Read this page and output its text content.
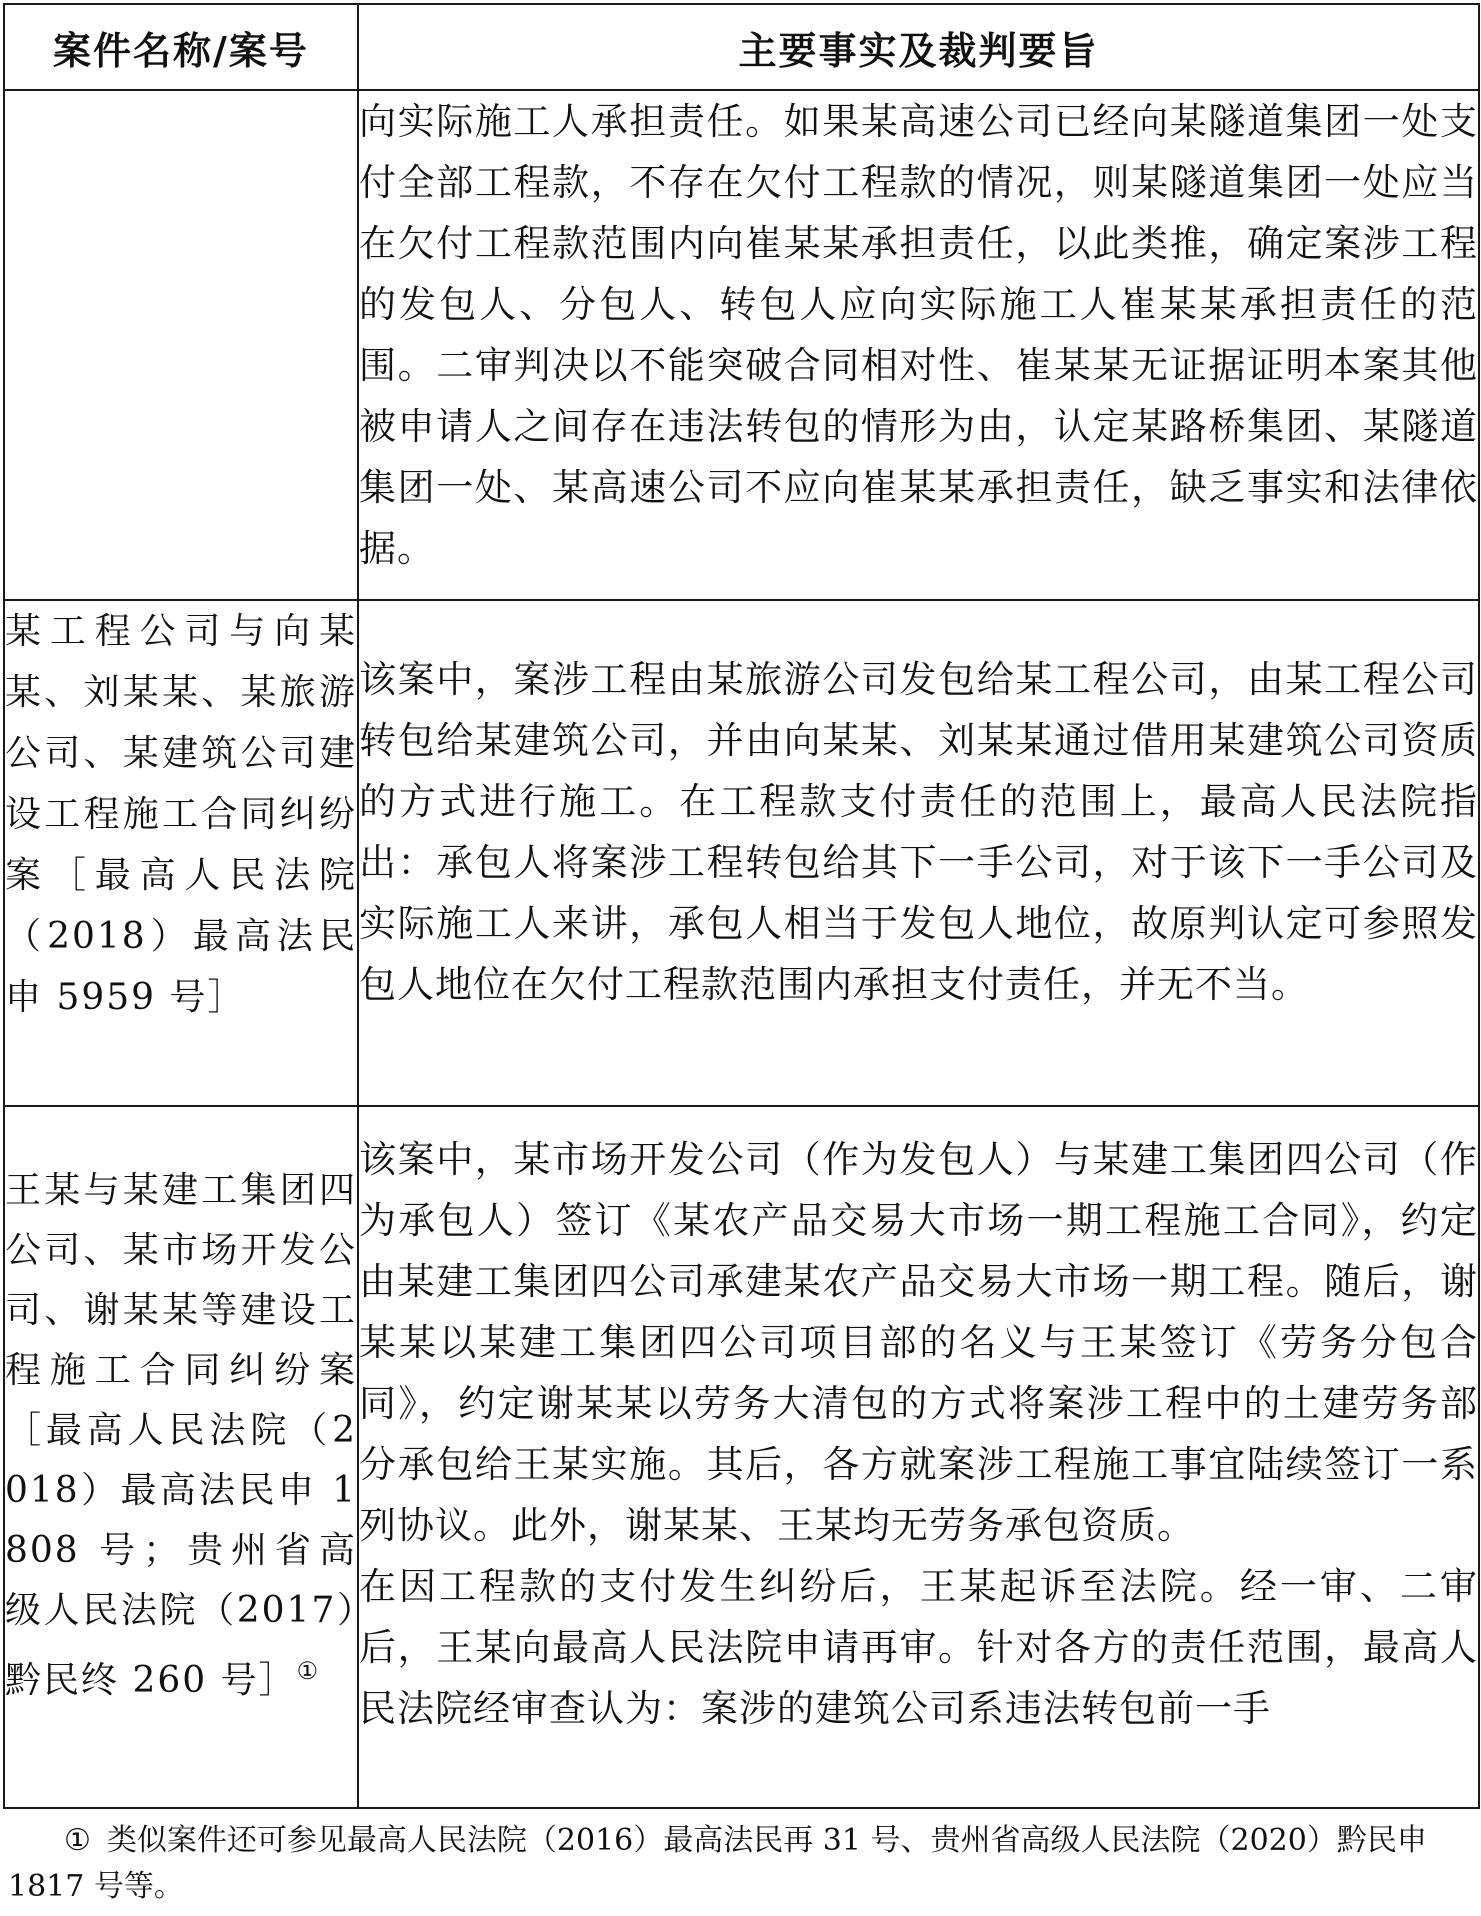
案件名称/案号	主要事实及裁判要旨

	向实际施工人承担责任。如果某高速公司已经向某隧道集团一处支付全部工程款，不存在欠付工程款的情况，则某隧道集团一处应当在欠付工程款范围内向崔某某承担责任，以此类推，确定案涉工程的发包人、分包人、转包人应向实际施工人崔某某承担责任的范围。二审判决以不能突破合同相对性、崔某某无证据证明本案其他被申请人之间存在违法转包的情形为由，认定某路桥集团、某隧道集团一处、某高速公司不应向崔某某承担责任，缺乏事实和法律依据。

某工程公司与向某某、刘某某、某旅游公司、某建筑公司建设工程施工合同纠纷案［最高人民法院（2018）最高法民申 5959 号］	该案中，案涉工程由某旅游公司发包给某工程公司，由某工程公司转包给某建筑公司，并由向某某、刘某某通过借用某建筑公司资质的方式进行施工。在工程款支付责任的范围上，最高人民法院指出：承包人将案涉工程转包给其下一手公司，对于该下一手公司及实际施工人来讲，承包人相当于发包人地位，故原判认定可参照发包人地位在欠付工程款范围内承担支付责任，并无不当。

王某与某建工集团四公司、某市场开发公司、谢某某等建设工程施工合同纠纷案［最高人民法院（2018）最高法民申 1808 号；贵州省高级人民法院（2017）黔民终 260 号］①	该案中，某市场开发公司（作为发包人）与某建工集团四公司（作为承包人）签订《某农产品交易大市场一期工程施工合同》，约定由某建工集团四公司承建某农产品交易大市场一期工程。随后，谢某某以某建工集团四公司项目部的名义与王某签订《劳务分包合同》，约定谢某某以劳务大清包的方式将案涉工程中的土建劳务部分承包给王某实施。其后，各方就案涉工程施工事宜陆续签订一系列协议。此外，谢某某、王某均无劳务承包资质。

在因工程款的支付发生纠纷后，王某起诉至法院。经一审、二审后，王某向最高人民法院申请再审。针对各方的责任范围，最高人民法院经审查认为：案涉的建筑公司系违法转包前一手

① 类似案件还可参见最高人民法院（2016）最高法民再 31 号、贵州省高级人民法院（2020）黔民申 1817 号等。
